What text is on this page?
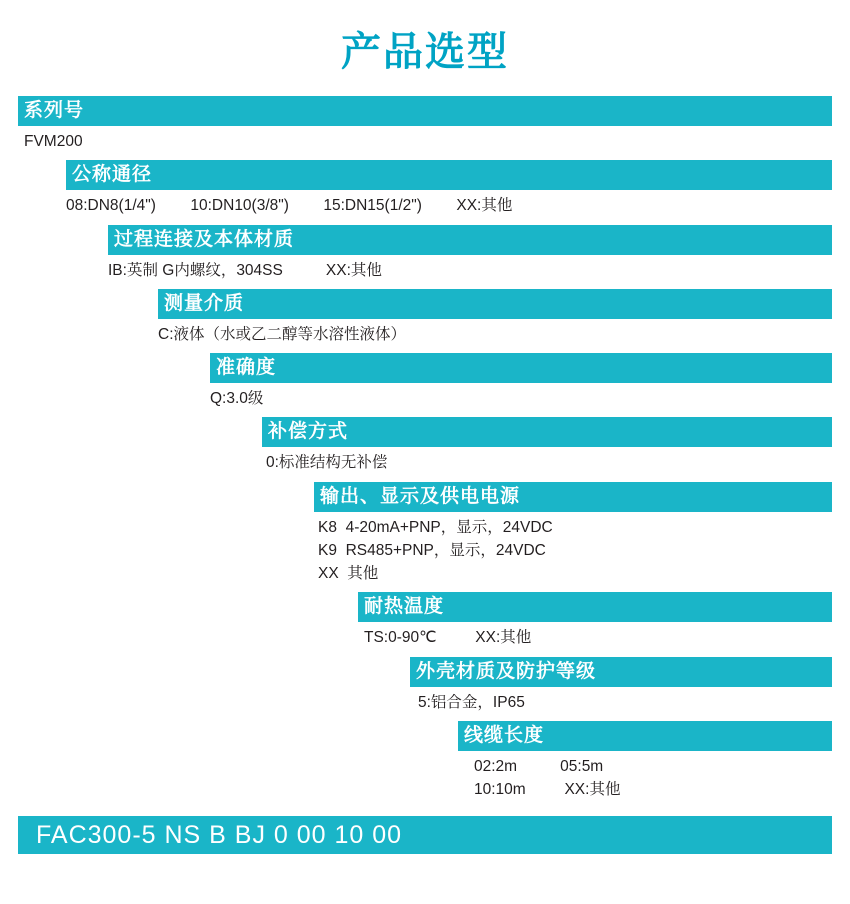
产品选型
系列号
FVM200
公称通径
08:DN8(1/4")        10:DN10(3/8")        15:DN15(1/2")        XX:其他
过程连接及本体材质
IB:英制 G内螺纹，304SS          XX:其他
测量介质
C:液体（水或乙二醇等水溶性液体）
准确度
Q:3.0级
补偿方式
0:标准结构无补偿
输出、显示及供电电源
K8  4-20mA+PNP，显示，24VDC
K9  RS485+PNP，显示，24VDC
XX  其他
耐热温度
TS:0-90℃         XX:其他
外壳材质及防护等级
5:铝合金，IP65
线缆长度
02:2m          05:5m
10:10m         XX:其他
FAC300-5 NS B BJ 0 00 10 00
